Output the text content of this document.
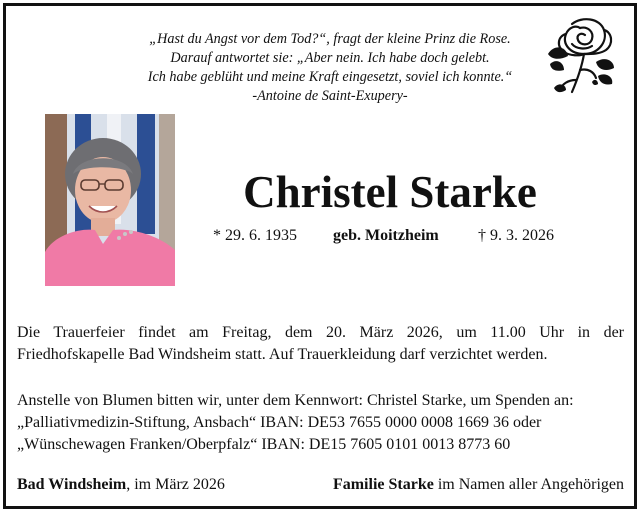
„Hast du Angst vor dem Tod?“, fragt der kleine Prinz die Rose.
Darauf antwortet sie: „Aber nein. Ich habe doch gelebt.
Ich habe geblüht und meine Kraft eingesetzt, soviel ich konnte.“
-Antoine de Saint-Exupery-
Christel Starke
* 29. 6. 1935 geb. Moitzheim † 9. 3. 2026
Die Trauerfeier findet am Freitag, dem 20. März 2026, um 11.00 Uhr in der
Friedhofskapelle Bad Windsheim statt. Auf Trauerkleidung darf verzichtet werden.
Anstelle von Blumen bitten wir, unter dem Kennwort: Christel Starke, um Spenden an:
„Palliativmedizin-Stiftung, Ansbach“ IBAN: DE53 7655 0000 0008 1669 36 oder
„Wünschewagen Franken/Oberpfalz“ IBAN: DE15 7605 0101 0013 8773 60
Bad Windsheim, im März 2026	Familie Starke im Namen aller Angehörigen
